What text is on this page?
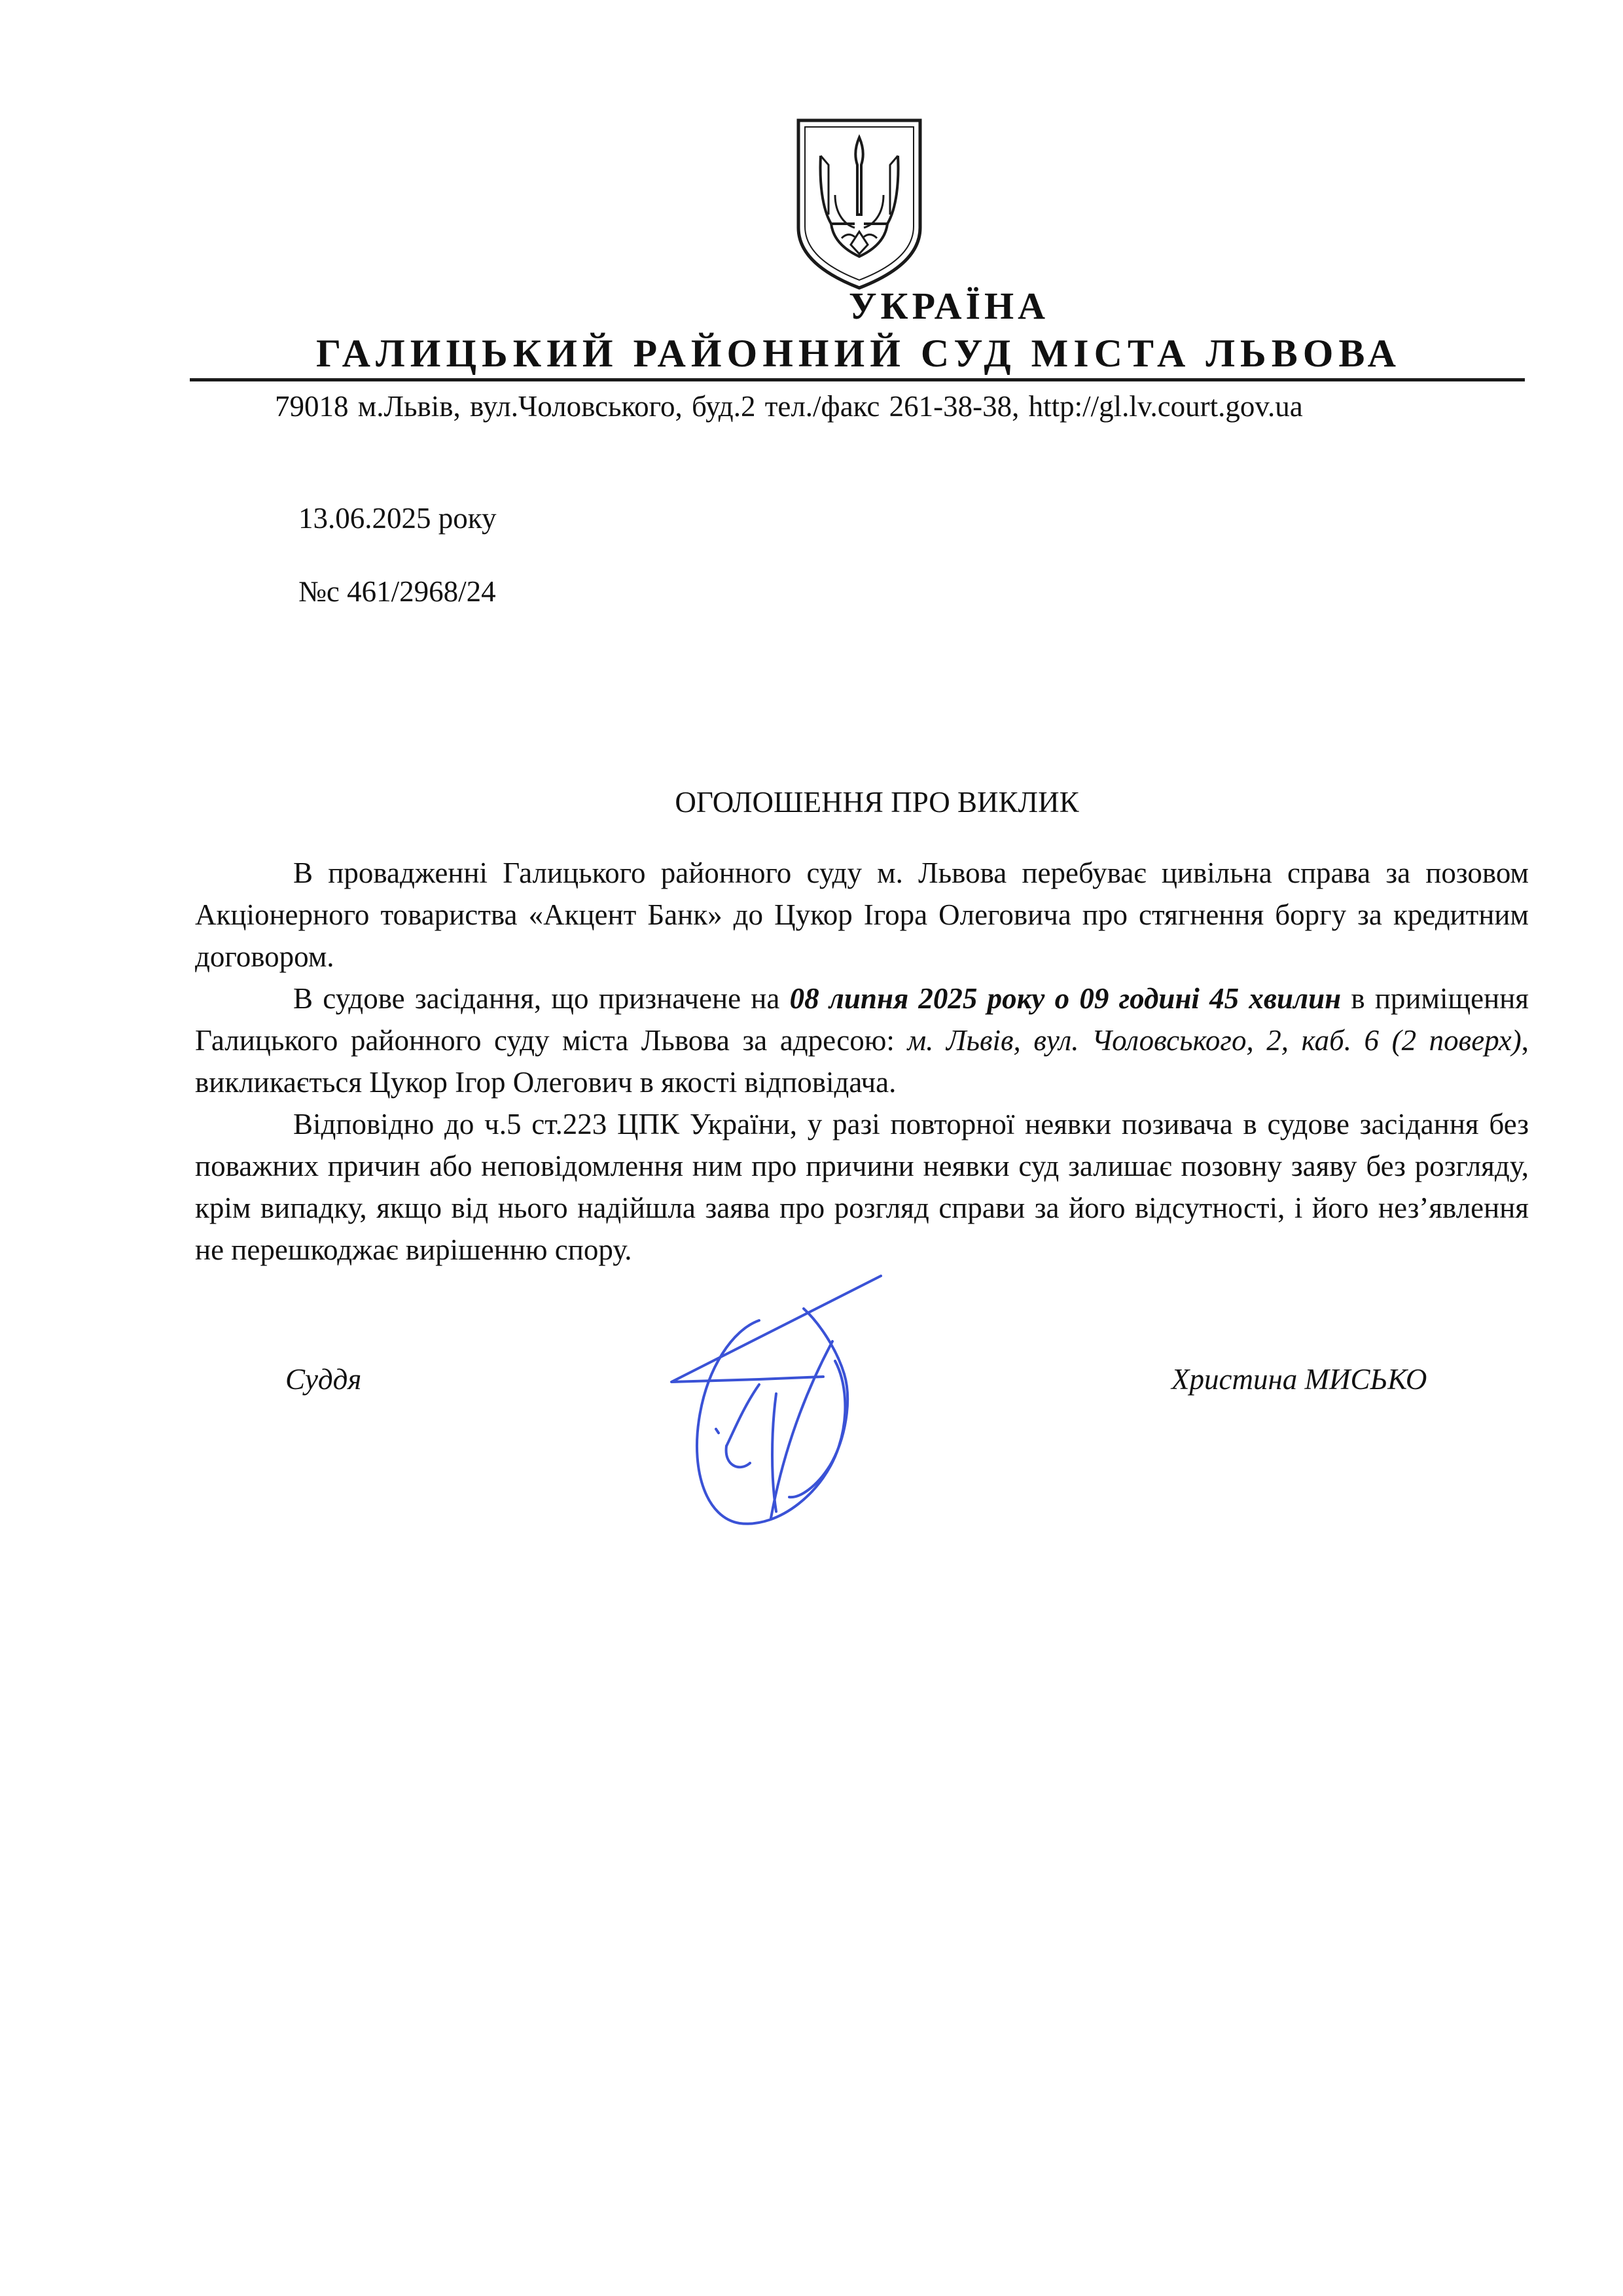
УКРАЇНА
ГАЛИЦЬКИЙ РАЙОННИЙ СУД МІСТА ЛЬВОВА
79018 м.Львів, вул.Чоловського, буд.2 тел./факс 261-38-38, http://gl.lv.court.gov.ua
13.06.2025 року
№с 461/2968/24
ОГОЛОШЕННЯ ПРО ВИКЛИК

В провадженні Галицького районного суду м. Львова перебуває цивільна справа за позовом Акціонерного товариства «Акцент Банк» до Цукор Ігора Олеговича про стягнення боргу за кредитним договором.

В судове засідання, що призначене на 08 липня 2025 року о 09 годині 45 хвилин в приміщення Галицького районного суду міста Львова за адресою: м. Львів, вул. Чоловського, 2, каб. 6 (2 поверх), викликається Цукор Ігор Олегович в якості відповідача.

Відповідно до ч.5 ст.223 ЦПК України, у разі повторної неявки позивача в судове засідання без поважних причин або неповідомлення ним про причини неявки суд залишає позовну заяву без розгляду, крім випадку, якщо від нього надійшла заява про розгляд справи за його відсутності, і його нез’явлення не перешкоджає вирішенню спору.

Суддя	Христина МИСЬКО
